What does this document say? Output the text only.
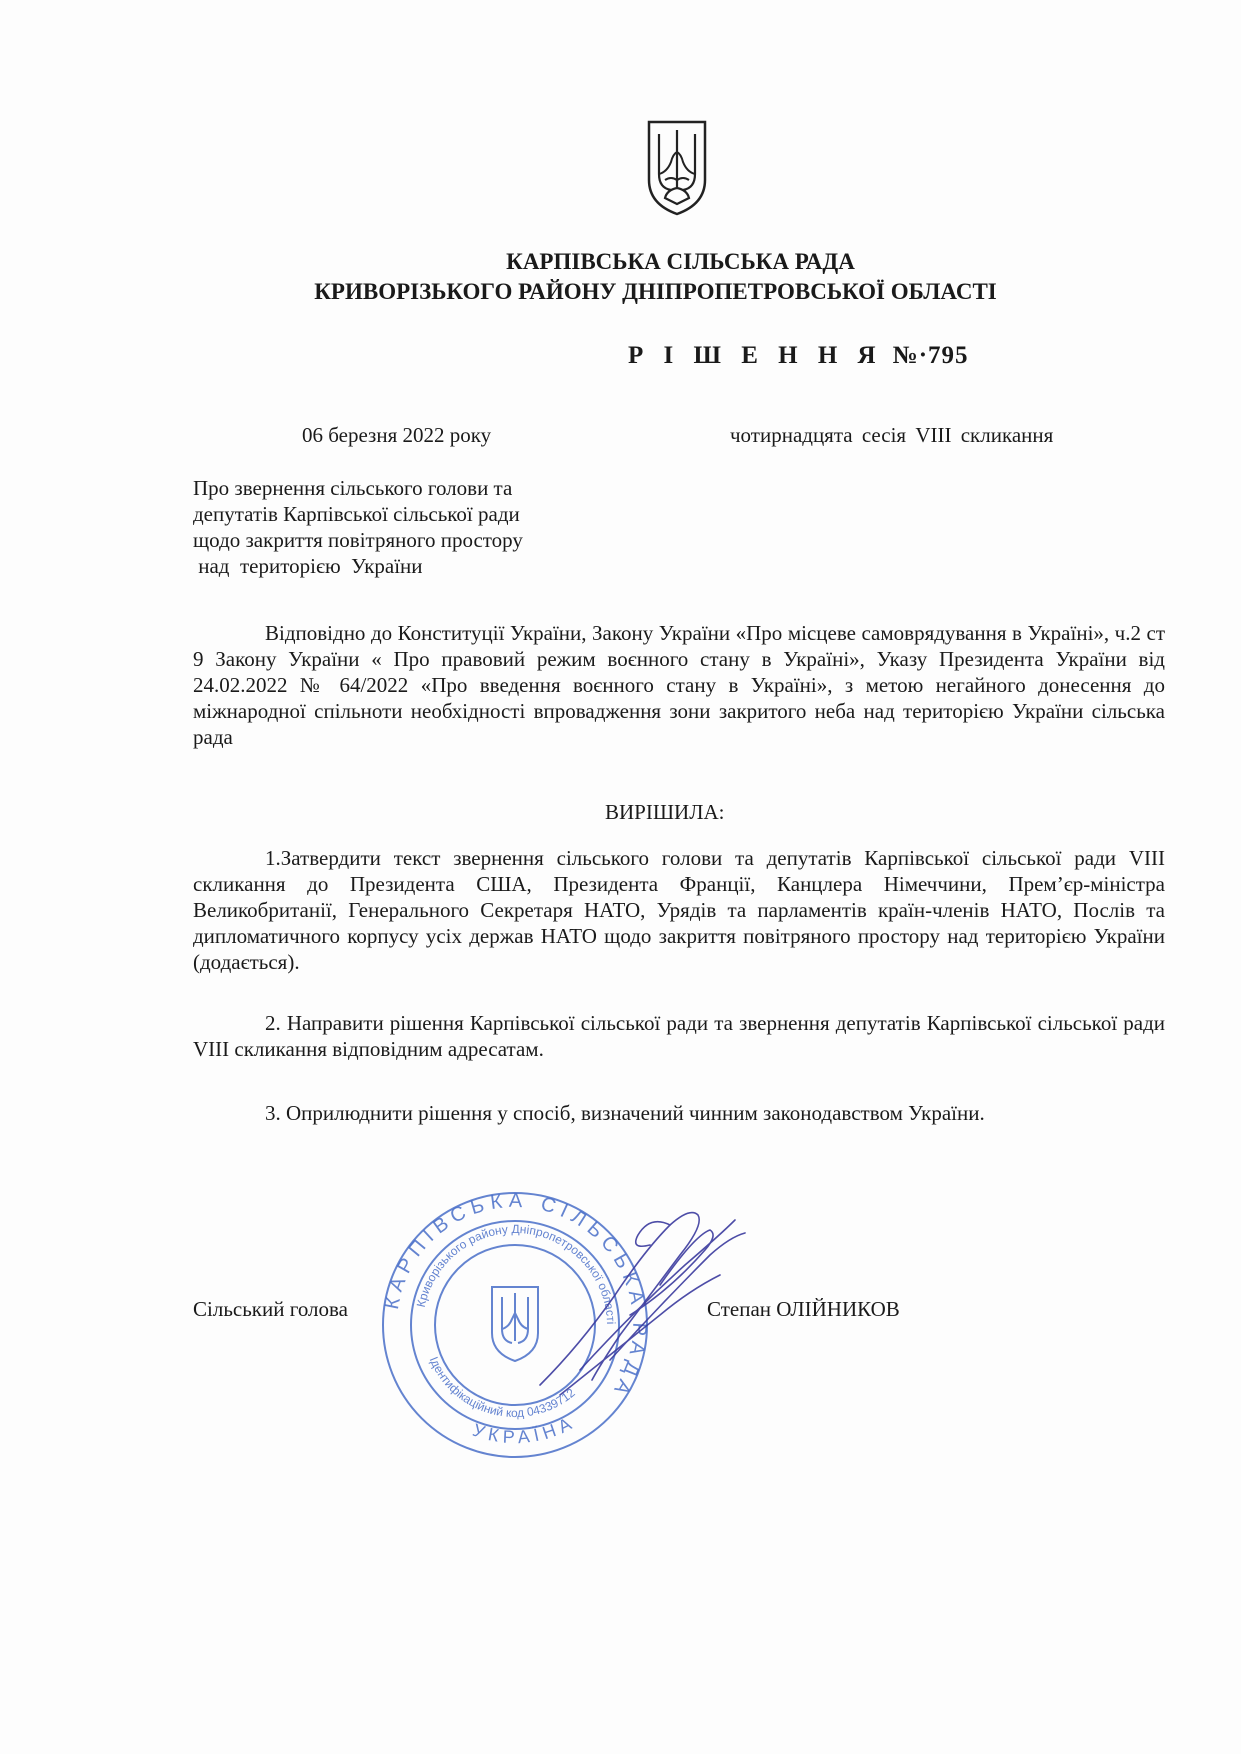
КАРПІВСЬКА СІЛЬСЬКА РАДА
КРИВОРІЗЬКОГО РАЙОНУ ДНІПРОПЕТРОВСЬКОЇ ОБЛАСТІ
Р І Ш Е Н Н Я №·795
06 березня 2022 року	чотирнадцята сесія VIII скликання
Про звернення сільського голови та
депутатів Карпівської сільської ради
щодо закриття повітряного простору
над  територією  України
Відповідно до Конституції України, Закону України «Про місцеве самоврядування в Україні», ч.2 ст 9 Закону України « Про правовий режим воєнного стану в Україні», Указу Президента України від 24.02.2022 № 64/2022 «Про введення воєнного стану в Україні», з метою негайного донесення до міжнародної спільноти необхідності впровадження зони закритого неба над територією України сільська рада
ВИРІШИЛА:
1.Затвердити текст звернення сільського голови та депутатів Карпівської сільської ради VIII скликання до Президента США, Президента Франції, Канцлера Німеччини, Прем’єр-міністра Великобританії, Генерального Секретаря НАТО, Урядів та парламентів країн-членів НАТО, Послів та дипломатичного корпусу усіх держав НАТО щодо закриття повітряного простору над територією України (додається).
2. Направити рішення Карпівської сільської ради та звернення депутатів Карпівської сільської ради VIII скликання відповідним адресатам.
3. Оприлюднити рішення у спосіб, визначений чинним законодавством України.
Сільський голова	Степан ОЛІЙНИКОВ
КАРПІВСЬКА СІЛЬСЬКА РАДА
Криворізького району Дніпропетровської області
Ідентифікаційний код 04339712
УКРАЇНА
